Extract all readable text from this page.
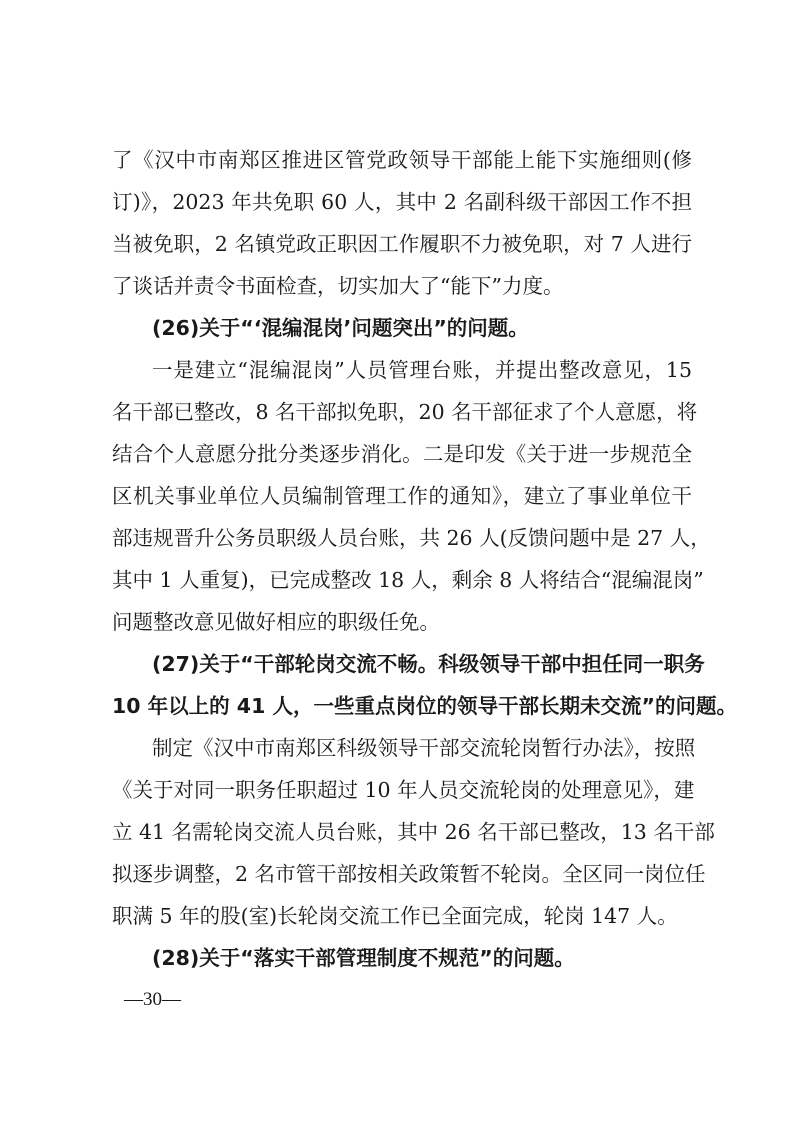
了《汉中市南郑区推进区管党政领导干部能上能下实施细则(修
订)》，2023 年共免职 60 人，其中 2 名副科级干部因工作不担
当被免职，2 名镇党政正职因工作履职不力被免职，对 7 人进行
了谈话并责令书面检查，切实加大了“能下”力度。
(26)关于“‘混编混岗’问题突出”的问题。
一是建立“混编混岗”人员管理台账，并提出整改意见，15
名干部已整改，8 名干部拟免职，20 名干部征求了个人意愿，将
结合个人意愿分批分类逐步消化。二是印发《关于进一步规范全
区机关事业单位人员编制管理工作的通知》，建立了事业单位干
部违规晋升公务员职级人员台账，共 26 人(反馈问题中是 27 人，
其中 1 人重复)，已完成整改 18 人，剩余 8 人将结合“混编混岗”
问题整改意见做好相应的职级任免。
(27)关于“干部轮岗交流不畅。科级领导干部中担任同一职务
10 年以上的 41 人，一些重点岗位的领导干部长期未交流”的问题。
制定《汉中市南郑区科级领导干部交流轮岗暂行办法》，按照
《关于对同一职务任职超过 10 年人员交流轮岗的处理意见》，建
立 41 名需轮岗交流人员台账，其中 26 名干部已整改，13 名干部
拟逐步调整，2 名市管干部按相关政策暂不轮岗。全区同一岗位任
职满 5 年的股(室)长轮岗交流工作已全面完成，轮岗 147 人。
(28)关于“落实干部管理制度不规范”的问题。
—30—
